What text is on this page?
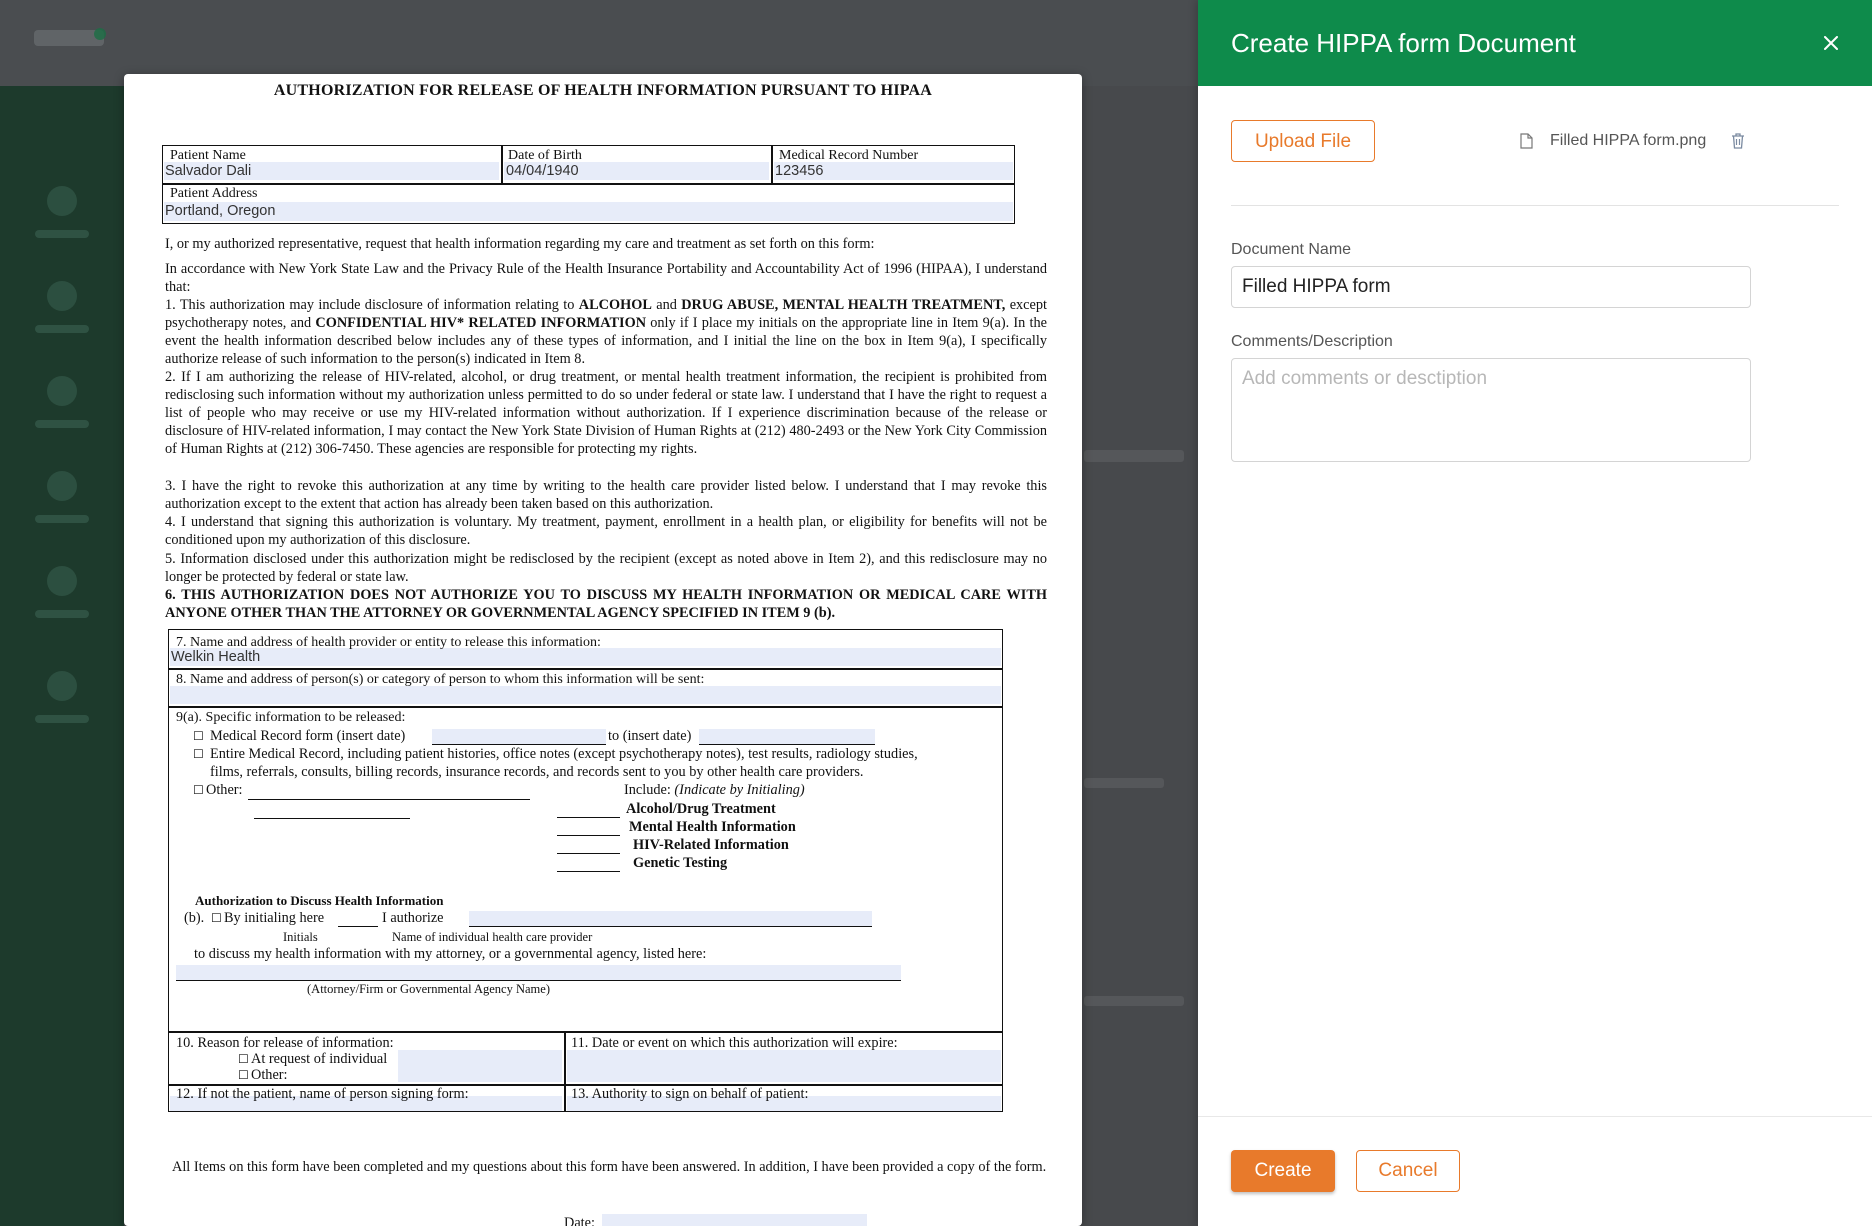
AUTHORIZATION FOR RELEASE OF HEALTH INFORMATION PURSUANT TO HIPAA
Patient Name
Salvador Dali
Date of Birth
04/04/1940
Medical Record Number
123456
Patient Address
Portland, Oregon
I, or my authorized representative, request that health information regarding my care and treatment as set forth on this form:
In accordance with New York State Law and the Privacy Rule of the Health Insurance Portability and Accountability Act of 1996 (HIPAA), I understand that:
1. This authorization may include disclosure of information relating to ALCOHOL and DRUG ABUSE, MENTAL HEALTH TREATMENT, except psychotherapy notes, and CONFIDENTIAL HIV* RELATED INFORMATION only if I place my initials on the appropriate line in Item 9(a). In the event the health information described below includes any of these types of information, and I initial the line on the box in Item 9(a), I specifically authorize release of such information to the person(s) indicated in Item 8.
2. If I am authorizing the release of HIV-related, alcohol, or drug treatment, or mental health treatment information, the recipient is prohibited from redisclosing such information without my authorization unless permitted to do so under federal or state law. I understand that I have the right to request a list of people who may receive or use my HIV-related information without authorization. If I experience discrimination because of the release or disclosure of HIV-related information, I may contact the New York State Division of Human Rights at (212) 480-2493 or the New York City Commission of Human Rights at (212) 306-7450. These agencies are responsible for protecting my rights.
3. I have the right to revoke this authorization at any time by writing to the health care provider listed below. I understand that I may revoke this authorization except to the extent that action has already been taken based on this authorization.
4. I understand that signing this authorization is voluntary. My treatment, payment, enrollment in a health plan, or eligibility for benefits will not be conditioned upon my authorization of this disclosure.
5. Information disclosed under this authorization might be redisclosed by the recipient (except as noted above in Item 2), and this redisclosure may no longer be protected by federal or state law.
6. THIS AUTHORIZATION DOES NOT AUTHORIZE YOU TO DISCUSS MY HEALTH INFORMATION OR MEDICAL CARE WITH ANYONE OTHER THAN THE ATTORNEY OR GOVERNMENTAL AGENCY SPECIFIED IN ITEM 9 (b).
7. Name and address of health provider or entity to release this information:
Welkin Health
8. Name and address of person(s) or category of person to whom this information will be sent:
9(a). Specific information to be released:
☐ Medical Record form (insert date)	to (insert date)
☐ Entire Medical Record, including patient histories, office notes (except psychotherapy notes), test results, radiology studies,
films, referrals, consults, billing records, insurance records, and records sent to you by other health care providers.
☐ Other:	Include: (Indicate by Initialing)
Alcohol/Drug Treatment
Mental Health Information
HIV-Related Information
Genetic Testing
Authorization to Discuss Health Information
(b). ☐ By initialing here	I authorize
Initials	Name of individual health care provider
to discuss my health information with my attorney, or a governmental agency, listed here:
(Attorney/Firm or Governmental Agency Name)
10. Reason for release of information:
☐ At request of individual
☐ Other:
11. Date or event on which this authorization will expire:
12. If not the patient, name of person signing form:	13. Authority to sign on behalf of patient:
All Items on this form have been completed and my questions about this form have been answered. In addition, I have been provided a copy of the form.
Date:
Create HIPPA form Document
Upload File	Filled HIPPA form.png
Document Name
Filled HIPPA form
Comments/Description
Add comments or desctiption
Create	Cancel
